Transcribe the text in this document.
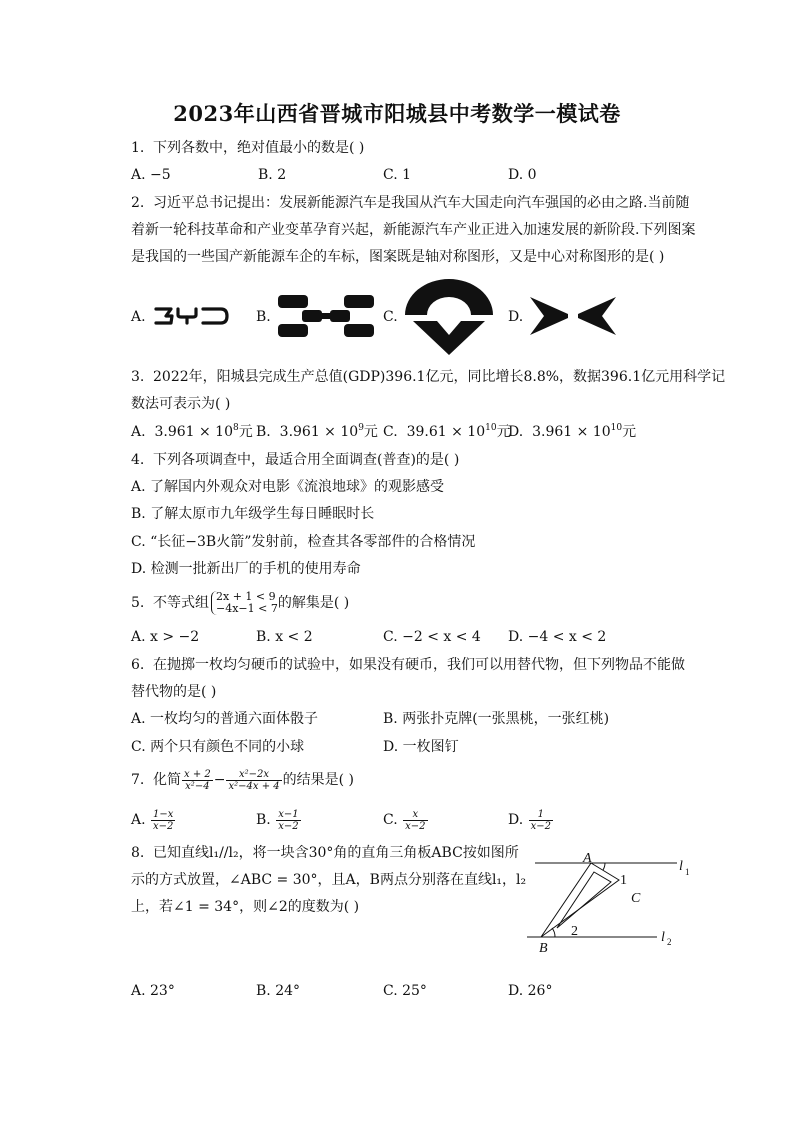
2023年山西省晋城市阳城县中考数学一模试卷
1. 下列各数中，绝对值最小的数是( )
A. −5	B. 2	C. 1	D. 0
2. 习近平总书记提出：发展新能源汽车是我国从汽车大国走向汽车强国的必由之路.当前随
着新一轮科技革命和产业变革孕育兴起，新能源汽车产业正进入加速发展的新阶段.下列图案
是我国的一些国产新能源车企的车标，图案既是轴对称图形，又是中心对称图形的是( )
A.	B.	C.	D.
3. 2022年，阳城县完成生产总值(GDP)396.1亿元，同比增长8.8%，数据396.1亿元用科学记
数法可表示为( )
A. $3.961 \times 10^8$元 B. $3.961 \times 10^9$元 C. $39.61 \times 10^{10}$元
D. $3.961 \times 10^{10}$元
4. 下列各项调查中，最适合用全面调查(普查)的是( )
A. 了解国内外观众对电影《流浪地球》的观影感受
B. 了解太原市九年级学生每日睡眠时长
C. “长征−3B火箭”发射前，检查其各零部件的合格情况
D. 检测一批新出厂的手机的使用寿命
5. 不等式组 2x + 1 < 9
−4x−1 < 7 的解集是( )
A. x > −2	B. x < 2	C. −2 < x < 4 D. −4 < x < 2
6. 在抛掷一枚均匀硬币的试验中，如果没有硬币，我们可以用替代物，但下列物品不能做
替代物的是( )
A. 一枚均匀的普通六面体骰子	B. 两张扑克牌(一张黑桃，一张红桃)
C. 两个只有颜色不同的小球	D. 一枚图钉
7. 化简 $\frac{x + 2}{\text{x²−4}} - \frac{\text{x²−2x}}{\text{x²−4x + 4}}$ 的结果是( )
A. $\frac{1-x}{x-2}$	B. $\frac{x-1}{x-2}$	C. $\frac{x}{x-2}$	D. $\frac{1}{x-2}$
8. 已知直线l₁//l₂，将一块含30°角的直角三角板ABC按如图所
示的方式放置，∠ABC = 30°，且A，B两点分别落在直线l₁，l₂
上，若∠1 = 34°，则∠2的度数为( )
A
B
C
1
2
l 1
l 2
A. 23°	B. 24°	C. 25°	D. 26°
